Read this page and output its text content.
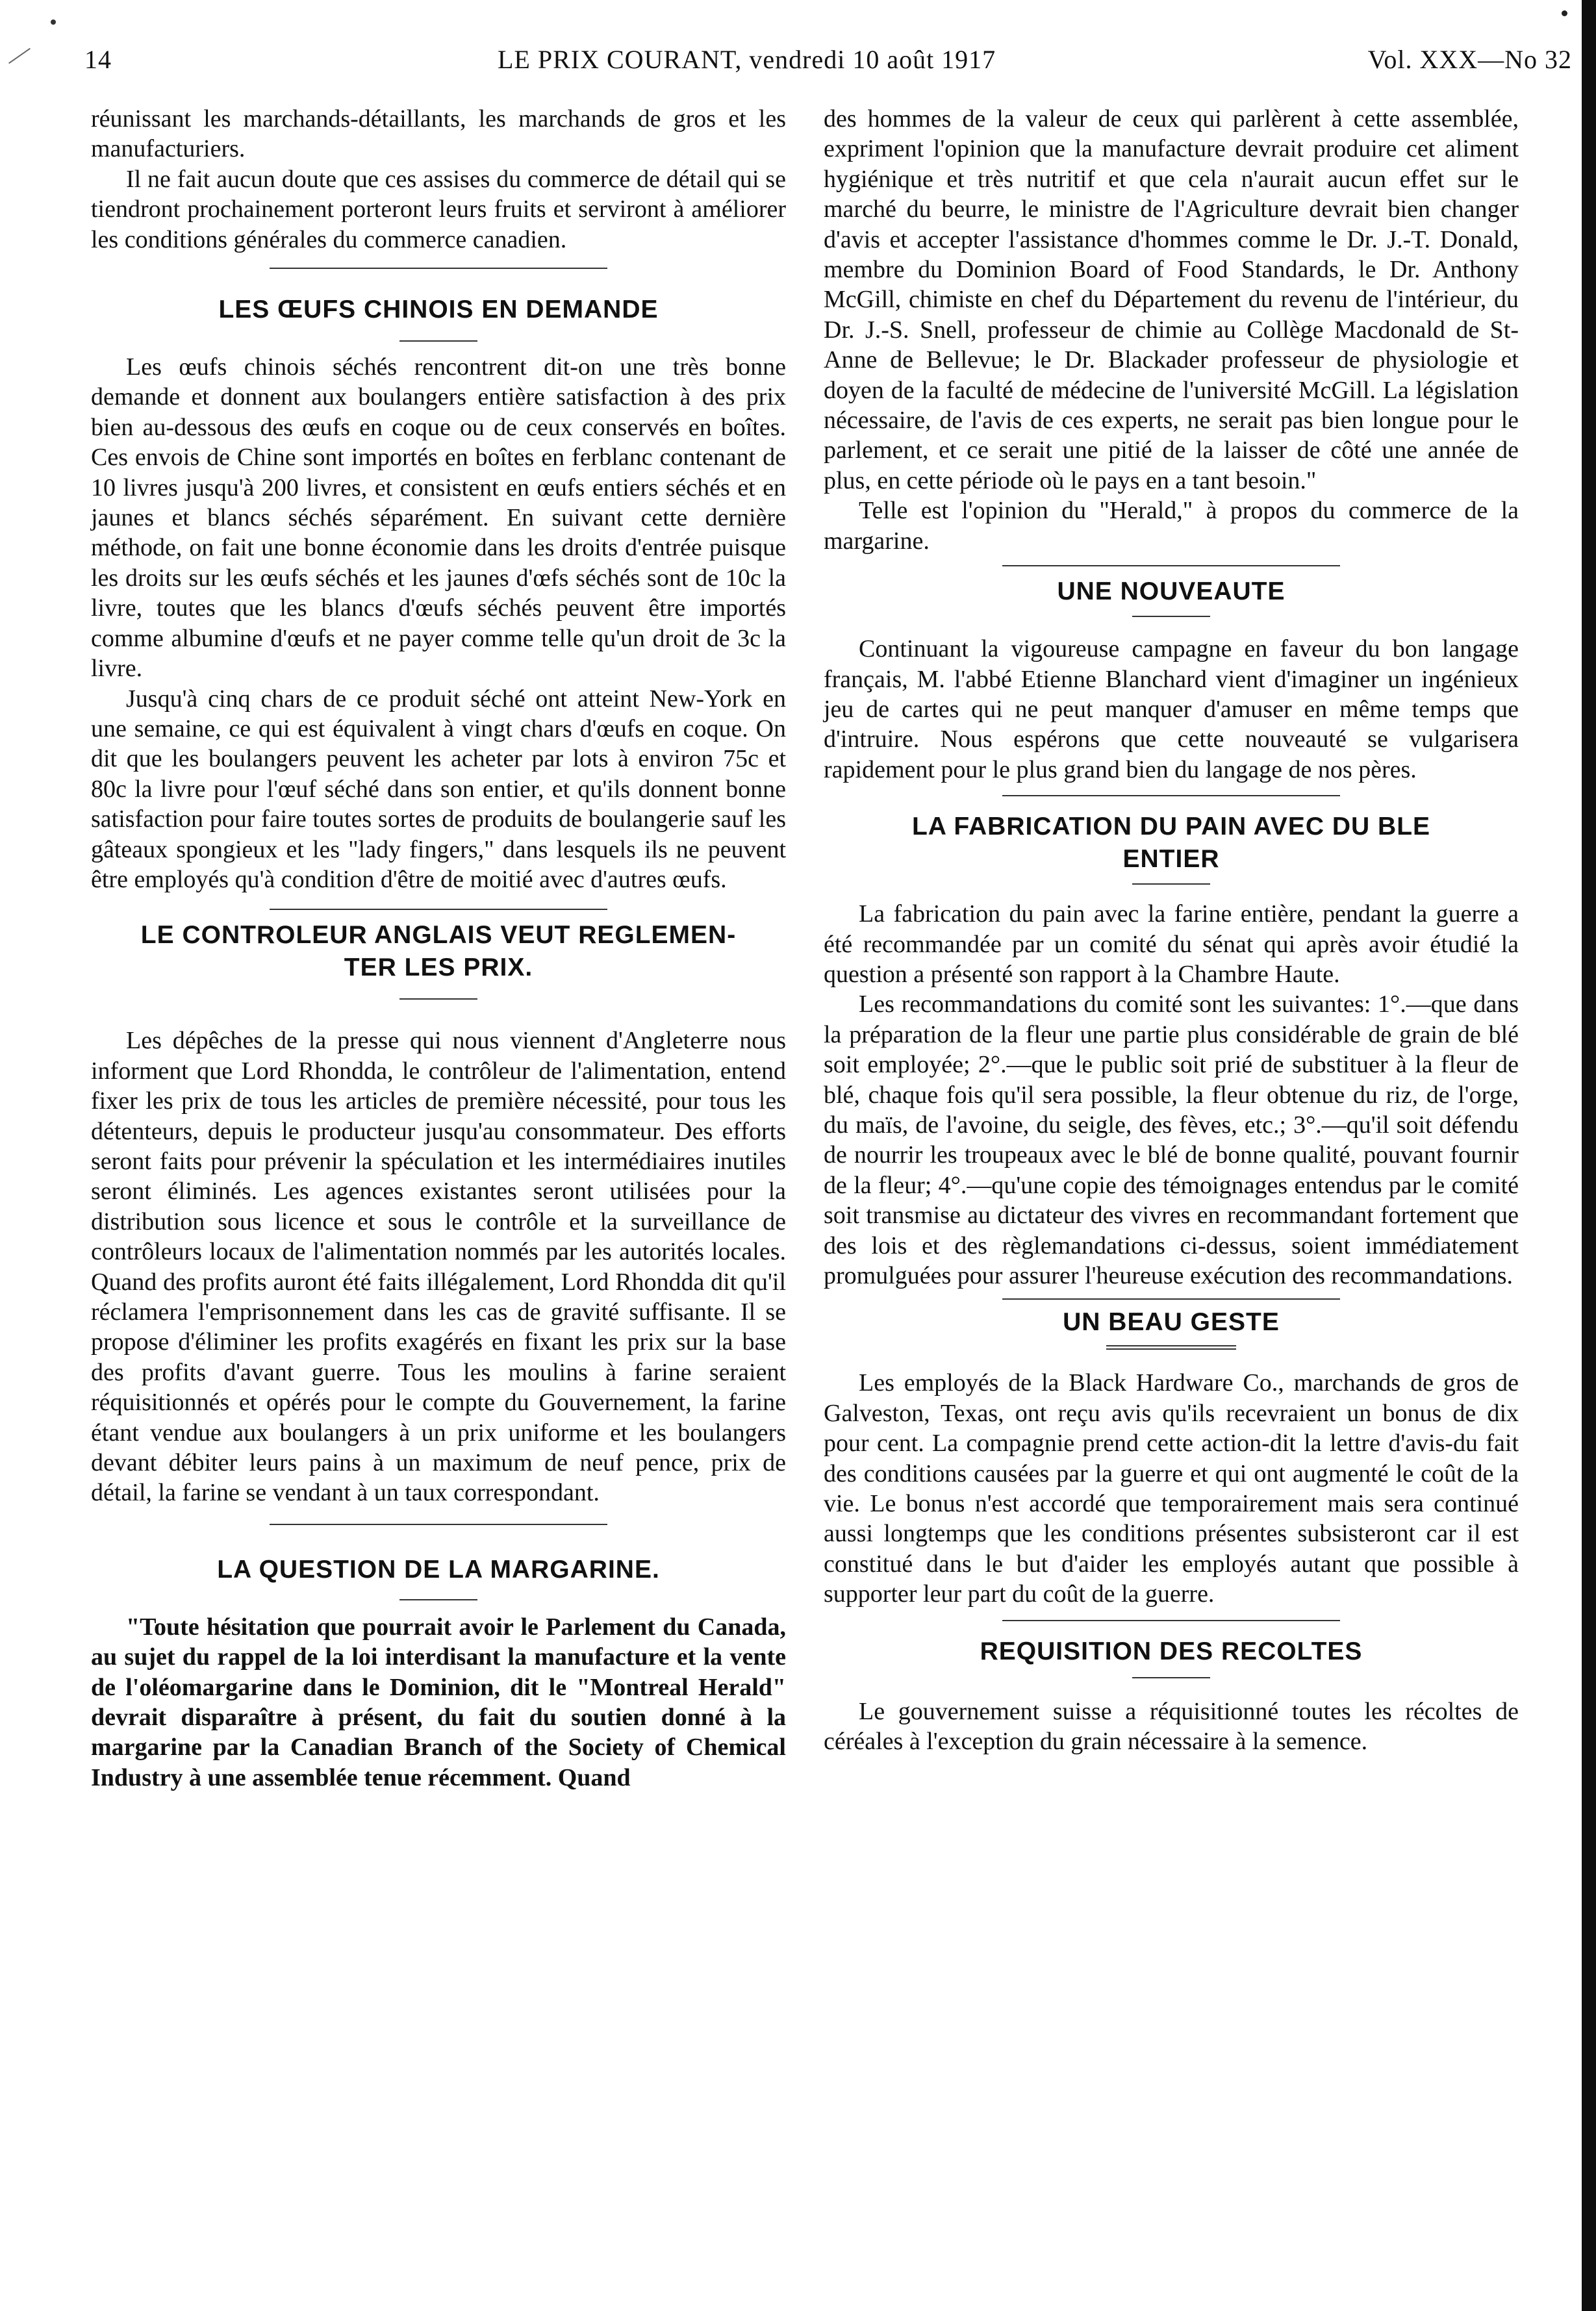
14	LE PRIX COURANT, vendredi 10 août 1917	Vol. XXX—No 32

réunissant les marchands-détaillants, les marchands de gros et les manufacturiers.

Il ne fait aucun doute que ces assises du commerce de détail qui se tiendront prochainement porteront leurs fruits et serviront à améliorer les conditions générales du commerce canadien.

LES ŒUFS CHINOIS EN DEMANDE

Les œufs chinois séchés rencontrent dit-on une très bonne demande et donnent aux boulangers entière satisfaction à des prix bien au-dessous des œufs en coque ou de ceux conservés en boîtes. Ces envois de Chine sont importés en boîtes en ferblanc contenant de 10 livres jusqu'à 200 livres, et consistent en œufs entiers séchés et en jaunes et blancs séchés séparément. En suivant cette dernière méthode, on fait une bonne économie dans les droits d'entrée puisque les droits sur les œufs séchés et les jaunes d'œfs séchés sont de 10c la livre, toutes que les blancs d'œufs séchés peuvent être importés comme albumine d'œufs et ne payer comme telle qu'un droit de 3c la livre.

Jusqu'à cinq chars de ce produit séché ont atteint New-York en une semaine, ce qui est équivalent à vingt chars d'œufs en coque. On dit que les boulangers peuvent les acheter par lots à environ 75c et 80c la livre pour l'œuf séché dans son entier, et qu'ils donnent bonne satisfaction pour faire toutes sortes de produits de boulangerie sauf les gâteaux spongieux et les "lady fingers," dans lesquels ils ne peuvent être employés qu'à condition d'être de moitié avec d'autres œufs.

LE CONTROLEUR ANGLAIS VEUT REGLEMEN-
TER LES PRIX.

Les dépêches de la presse qui nous viennent d'Angleterre nous informent que Lord Rhondda, le contrôleur de l'alimentation, entend fixer les prix de tous les articles de première nécessité, pour tous les détenteurs, depuis le producteur jusqu'au consommateur. Des efforts seront faits pour prévenir la spéculation et les intermédiaires inutiles seront éliminés. Les agences existantes seront utilisées pour la distribution sous licence et sous le contrôle et la surveillance de contrôleurs locaux de l'alimentation nommés par les autorités locales. Quand des profits auront été faits illégalement, Lord Rhondda dit qu'il réclamera l'emprisonnement dans les cas de gravité suffisante. Il se propose d'éliminer les profits exagérés en fixant les prix sur la base des profits d'avant guerre. Tous les moulins à farine seraient réquisitionnés et opérés pour le compte du Gouvernement, la farine étant vendue aux boulangers à un prix uniforme et les boulangers devant débiter leurs pains à un maximum de neuf pence, prix de détail, la farine se vendant à un taux correspondant.

LA QUESTION DE LA MARGARINE.

"Toute hésitation que pourrait avoir le Parlement du Canada, au sujet du rappel de la loi interdisant la manufacture et la vente de l'oléomargarine dans le Dominion, dit le "Montreal Herald" devrait disparaître à présent, du fait du soutien donné à la margarine par la Canadian Branch of the Society of Chemical Industry à une assemblée tenue récemment. Quand

des hommes de la valeur de ceux qui parlèrent à cette assemblée, expriment l'opinion que la manufacture devrait produire cet aliment hygiénique et très nutritif et que cela n'aurait aucun effet sur le marché du beurre, le ministre de l'Agriculture devrait bien changer d'avis et accepter l'assistance d'hommes comme le Dr. J.-T. Donald, membre du Dominion Board of Food Standards, le Dr. Anthony McGill, chimiste en chef du Département du revenu de l'intérieur, du Dr. J.-S. Snell, professeur de chimie au Collège Macdonald de St-Anne de Bellevue; le Dr. Blackader professeur de physiologie et doyen de la faculté de médecine de l'université McGill. La législation nécessaire, de l'avis de ces experts, ne serait pas bien longue pour le parlement, et ce serait une pitié de la laisser de côté une année de plus, en cette période où le pays en a tant besoin."

Telle est l'opinion du "Herald," à propos du commerce de la margarine.

UNE NOUVEAUTE

Continuant la vigoureuse campagne en faveur du bon langage français, M. l'abbé Etienne Blanchard vient d'imaginer un ingénieux jeu de cartes qui ne peut manquer d'amuser en même temps que d'intruire. Nous espérons que cette nouveauté se vulgarisera rapidement pour le plus grand bien du langage de nos pères.

LA FABRICATION DU PAIN AVEC DU BLE
ENTIER

La fabrication du pain avec la farine entière, pendant la guerre a été recommandée par un comité du sénat qui après avoir étudié la question a présenté son rapport à la Chambre Haute.

Les recommandations du comité sont les suivantes: 1°.—que dans la préparation de la fleur une partie plus considérable de grain de blé soit employée; 2°.—que le public soit prié de substituer à la fleur de blé, chaque fois qu'il sera possible, la fleur obtenue du riz, de l'orge, du maïs, de l'avoine, du seigle, des fèves, etc.; 3°.—qu'il soit défendu de nourrir les troupeaux avec le blé de bonne qualité, pouvant fournir de la fleur; 4°.—qu'une copie des témoignages entendus par le comité soit transmise au dictateur des vivres en recommandant fortement que des lois et des règlemandations ci-dessus, soient immédiatement promulguées pour assurer l'heureuse exécution des recommandations.

UN BEAU GESTE

Les employés de la Black Hardware Co., marchands de gros de Galveston, Texas, ont reçu avis qu'ils recevraient un bonus de dix pour cent. La compagnie prend cette action-dit la lettre d'avis-du fait des conditions causées par la guerre et qui ont augmenté le coût de la vie. Le bonus n'est accordé que temporairement mais sera continué aussi longtemps que les conditions présentes subsisteront car il est constitué dans le but d'aider les employés autant que possible à supporter leur part du coût de la guerre.

REQUISITION DES RECOLTES

Le gouvernement suisse a réquisitionné toutes les récoltes de céréales à l'exception du grain nécessaire à la semence.
